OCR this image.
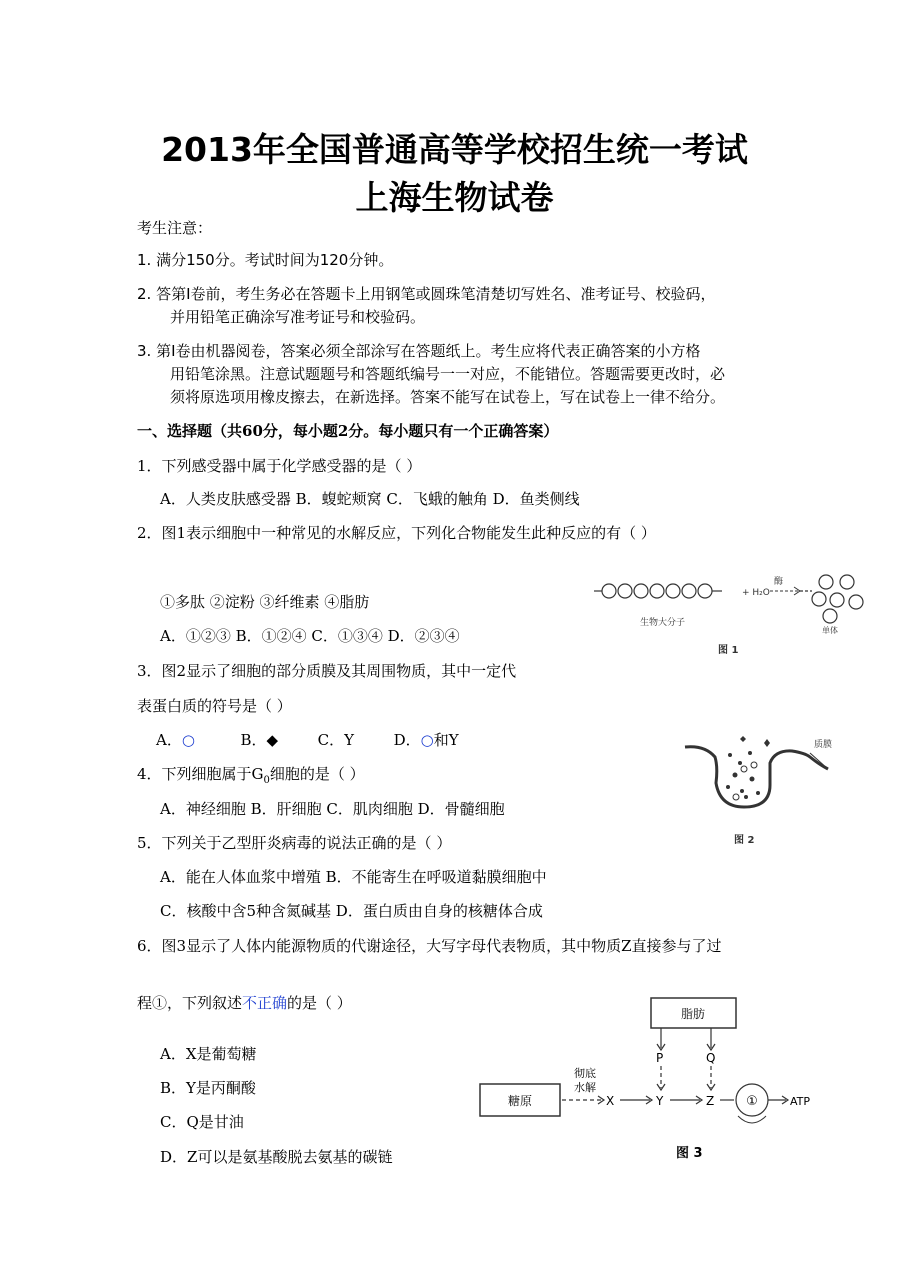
2013年全国普通高等学校招生统一考试
上海生物试卷
考生注意：
1. 满分150分。考试时间为120分钟。
2. 答第Ⅰ卷前，考生务必在答题卡上用钢笔或圆珠笔清楚切写姓名、准考证号、校验码，
并用铅笔正确涂写准考证号和校验码。
3. 第Ⅰ卷由机器阅卷，答案必须全部涂写在答题纸上。考生应将代表正确答案的小方格
用铅笔涂黑。注意试题题号和答题纸编号一一对应，不能错位。答题需要更改时，必
须将原选项用橡皮擦去，在新选择。答案不能写在试卷上，写在试卷上一律不给分。
一、选择题（共60分，每小题2分。每小题只有一个正确答案）
1．下列感受器中属于化学感受器的是（ ）
A．人类皮肤感受器 B．蝮蛇颊窝 C．飞蛾的触角 D．鱼类侧线
2．图1表示细胞中一种常见的水解反应，下列化合物能发生此种反应的有（ ）
①多肽 ②淀粉 ③纤维素 ④脂肪
A．①②③ B．①②④ C．①③④ D．②③④
3．图2显示了细胞的部分质膜及其周围物质，其中一定代
表蛋白质的符号是（ ）
A．○	B．◆	C．Y	D．○和Y
4．下列细胞属于$G_0$细胞的是（ ）
A．神经细胞 B．肝细胞 C．肌肉细胞 D．骨髓细胞
5．下列关于乙型肝炎病毒的说法正确的是（ ）
A．能在人体血浆中增殖 B．不能寄生在呼吸道黏膜细胞中
C．核酸中含5种含氮碱基 D．蛋白质由自身的核糖体合成
6．图3显示了人体内能源物质的代谢途径，大写字母代表物质，其中物质Z直接参与了过
程①，下列叙述不正确的是（ ）
A．X是葡萄糖
B．Y是丙酮酸
C．Q是甘油
D．Z可以是氨基酸脱去氨基的碳链
+ H₂O
酶
生物大分子
单体
图 1
质膜
图 2
脂肪
糖原
彻底
水解
X	Y	Z ①	ATP
P	Q
图 3
